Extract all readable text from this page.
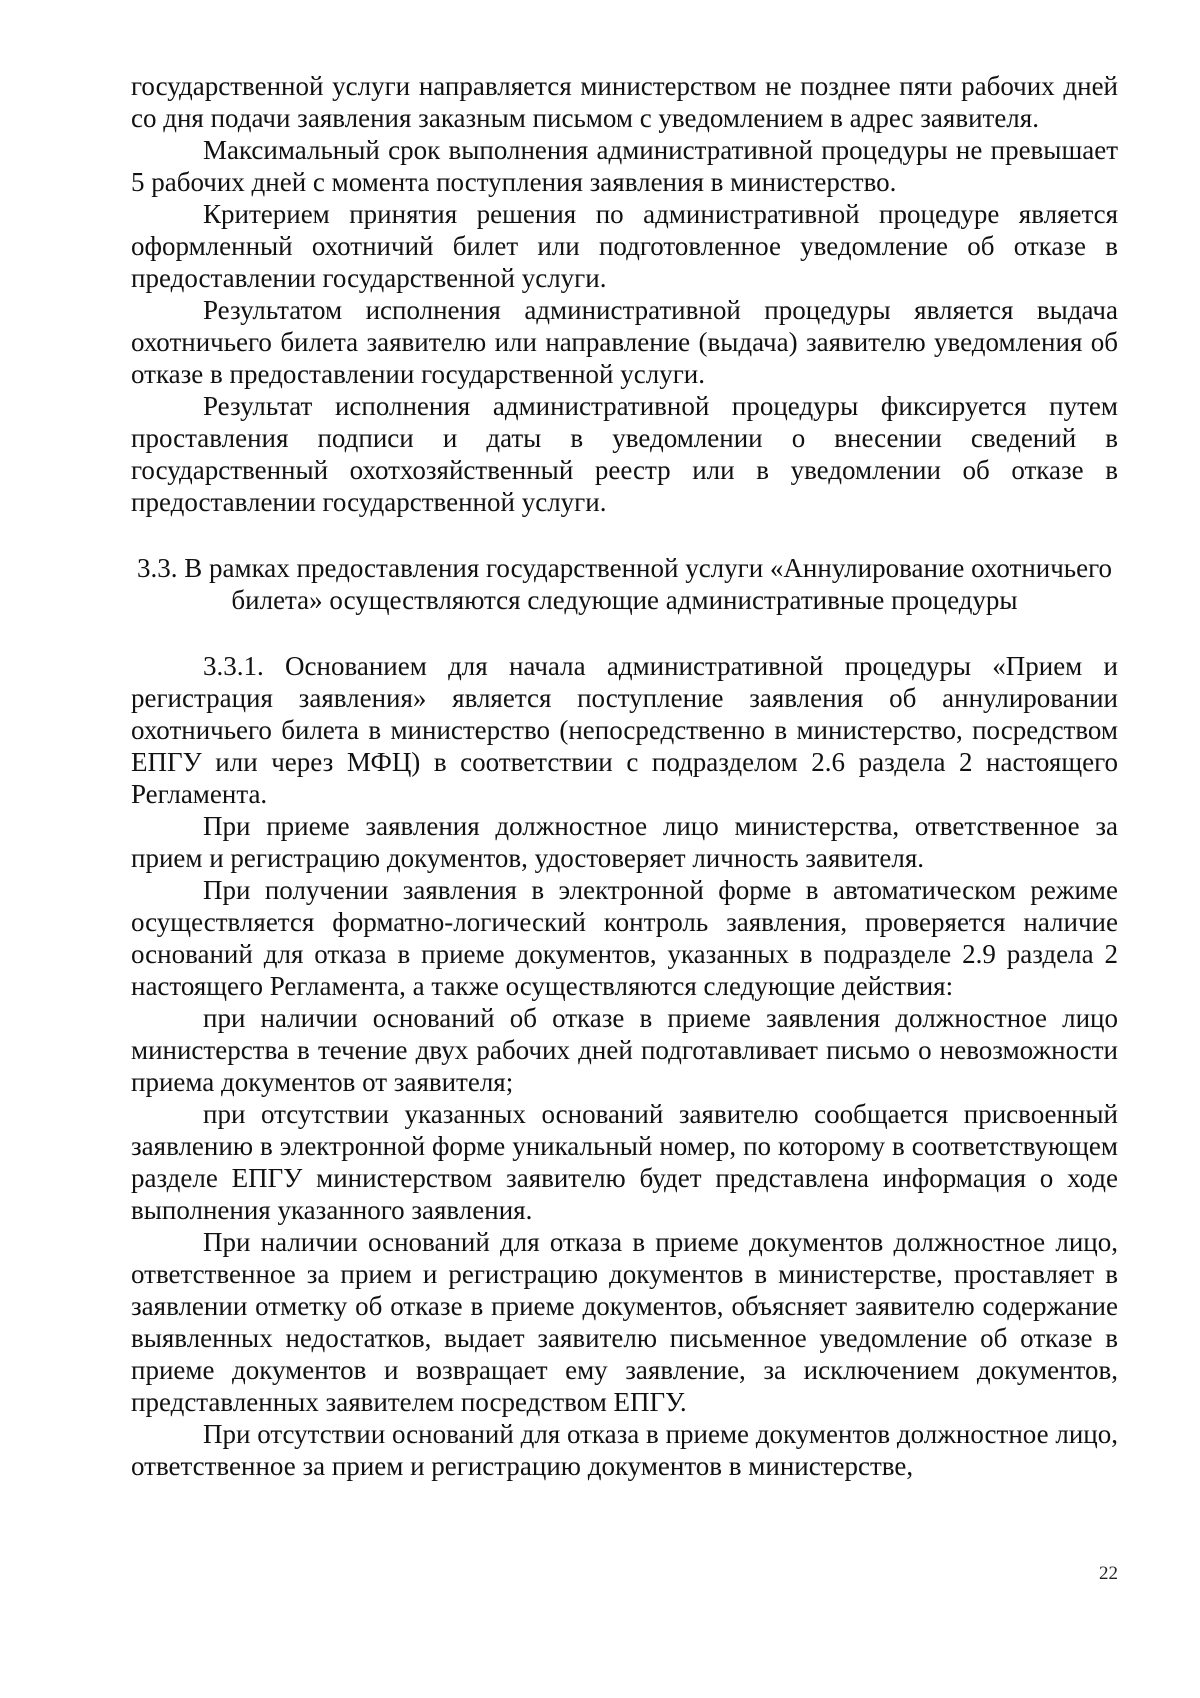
государственной услуги направляется министерством не позднее пяти рабочих дней со дня подачи заявления заказным письмом с уведомлением в адрес заявителя.

Максимальный срок выполнения административной процедуры не превышает 5 рабочих дней с момента поступления заявления в министерство.

Критерием принятия решения по административной процедуре является оформленный охотничий билет или подготовленное уведомление об отказе в предоставлении государственной услуги.

Результатом исполнения административной процедуры является выдача охотничьего билета заявителю или направление (выдача) заявителю уведомления об отказе в предоставлении государственной услуги.

Результат исполнения административной процедуры фиксируется путем проставления подписи и даты в уведомлении о внесении сведений в государственный охотхозяйственный реестр или в уведомлении об отказе в предоставлении государственной услуги.

3.3. В рамках предоставления государственной услуги «Аннулирование охотничьего билета» осуществляются следующие административные процедуры

3.3.1. Основанием для начала административной процедуры «Прием и регистрация заявления» является поступление заявления об аннулировании охотничьего билета в министерство (непосредственно в министерство, посредством ЕПГУ или через МФЦ) в соответствии с подразделом 2.6 раздела 2 настоящего Регламента.

При приеме заявления должностное лицо министерства, ответственное за прием и регистрацию документов, удостоверяет личность заявителя.

При получении заявления в электронной форме в автоматическом режиме осуществляется форматно-логический контроль заявления, проверяется наличие оснований для отказа в приеме документов, указанных в подразделе 2.9 раздела 2 настоящего Регламента, а также осуществляются следующие действия:

при наличии оснований об отказе в приеме заявления должностное лицо министерства в течение двух рабочих дней подготавливает письмо о невозможности приема документов от заявителя;

при отсутствии указанных оснований заявителю сообщается присвоенный заявлению в электронной форме уникальный номер, по которому в соответствующем разделе ЕПГУ министерством заявителю будет представлена информация о ходе выполнения указанного заявления.

При наличии оснований для отказа в приеме документов должностное лицо, ответственное за прием и регистрацию документов в министерстве, проставляет в заявлении отметку об отказе в приеме документов, объясняет заявителю содержание выявленных недостатков, выдает заявителю письменное уведомление об отказе в приеме документов и возвращает ему заявление, за исключением документов, представленных заявителем посредством ЕПГУ.

При отсутствии оснований для отказа в приеме документов должностное лицо, ответственное за прием и регистрацию документов в министерстве,

22
